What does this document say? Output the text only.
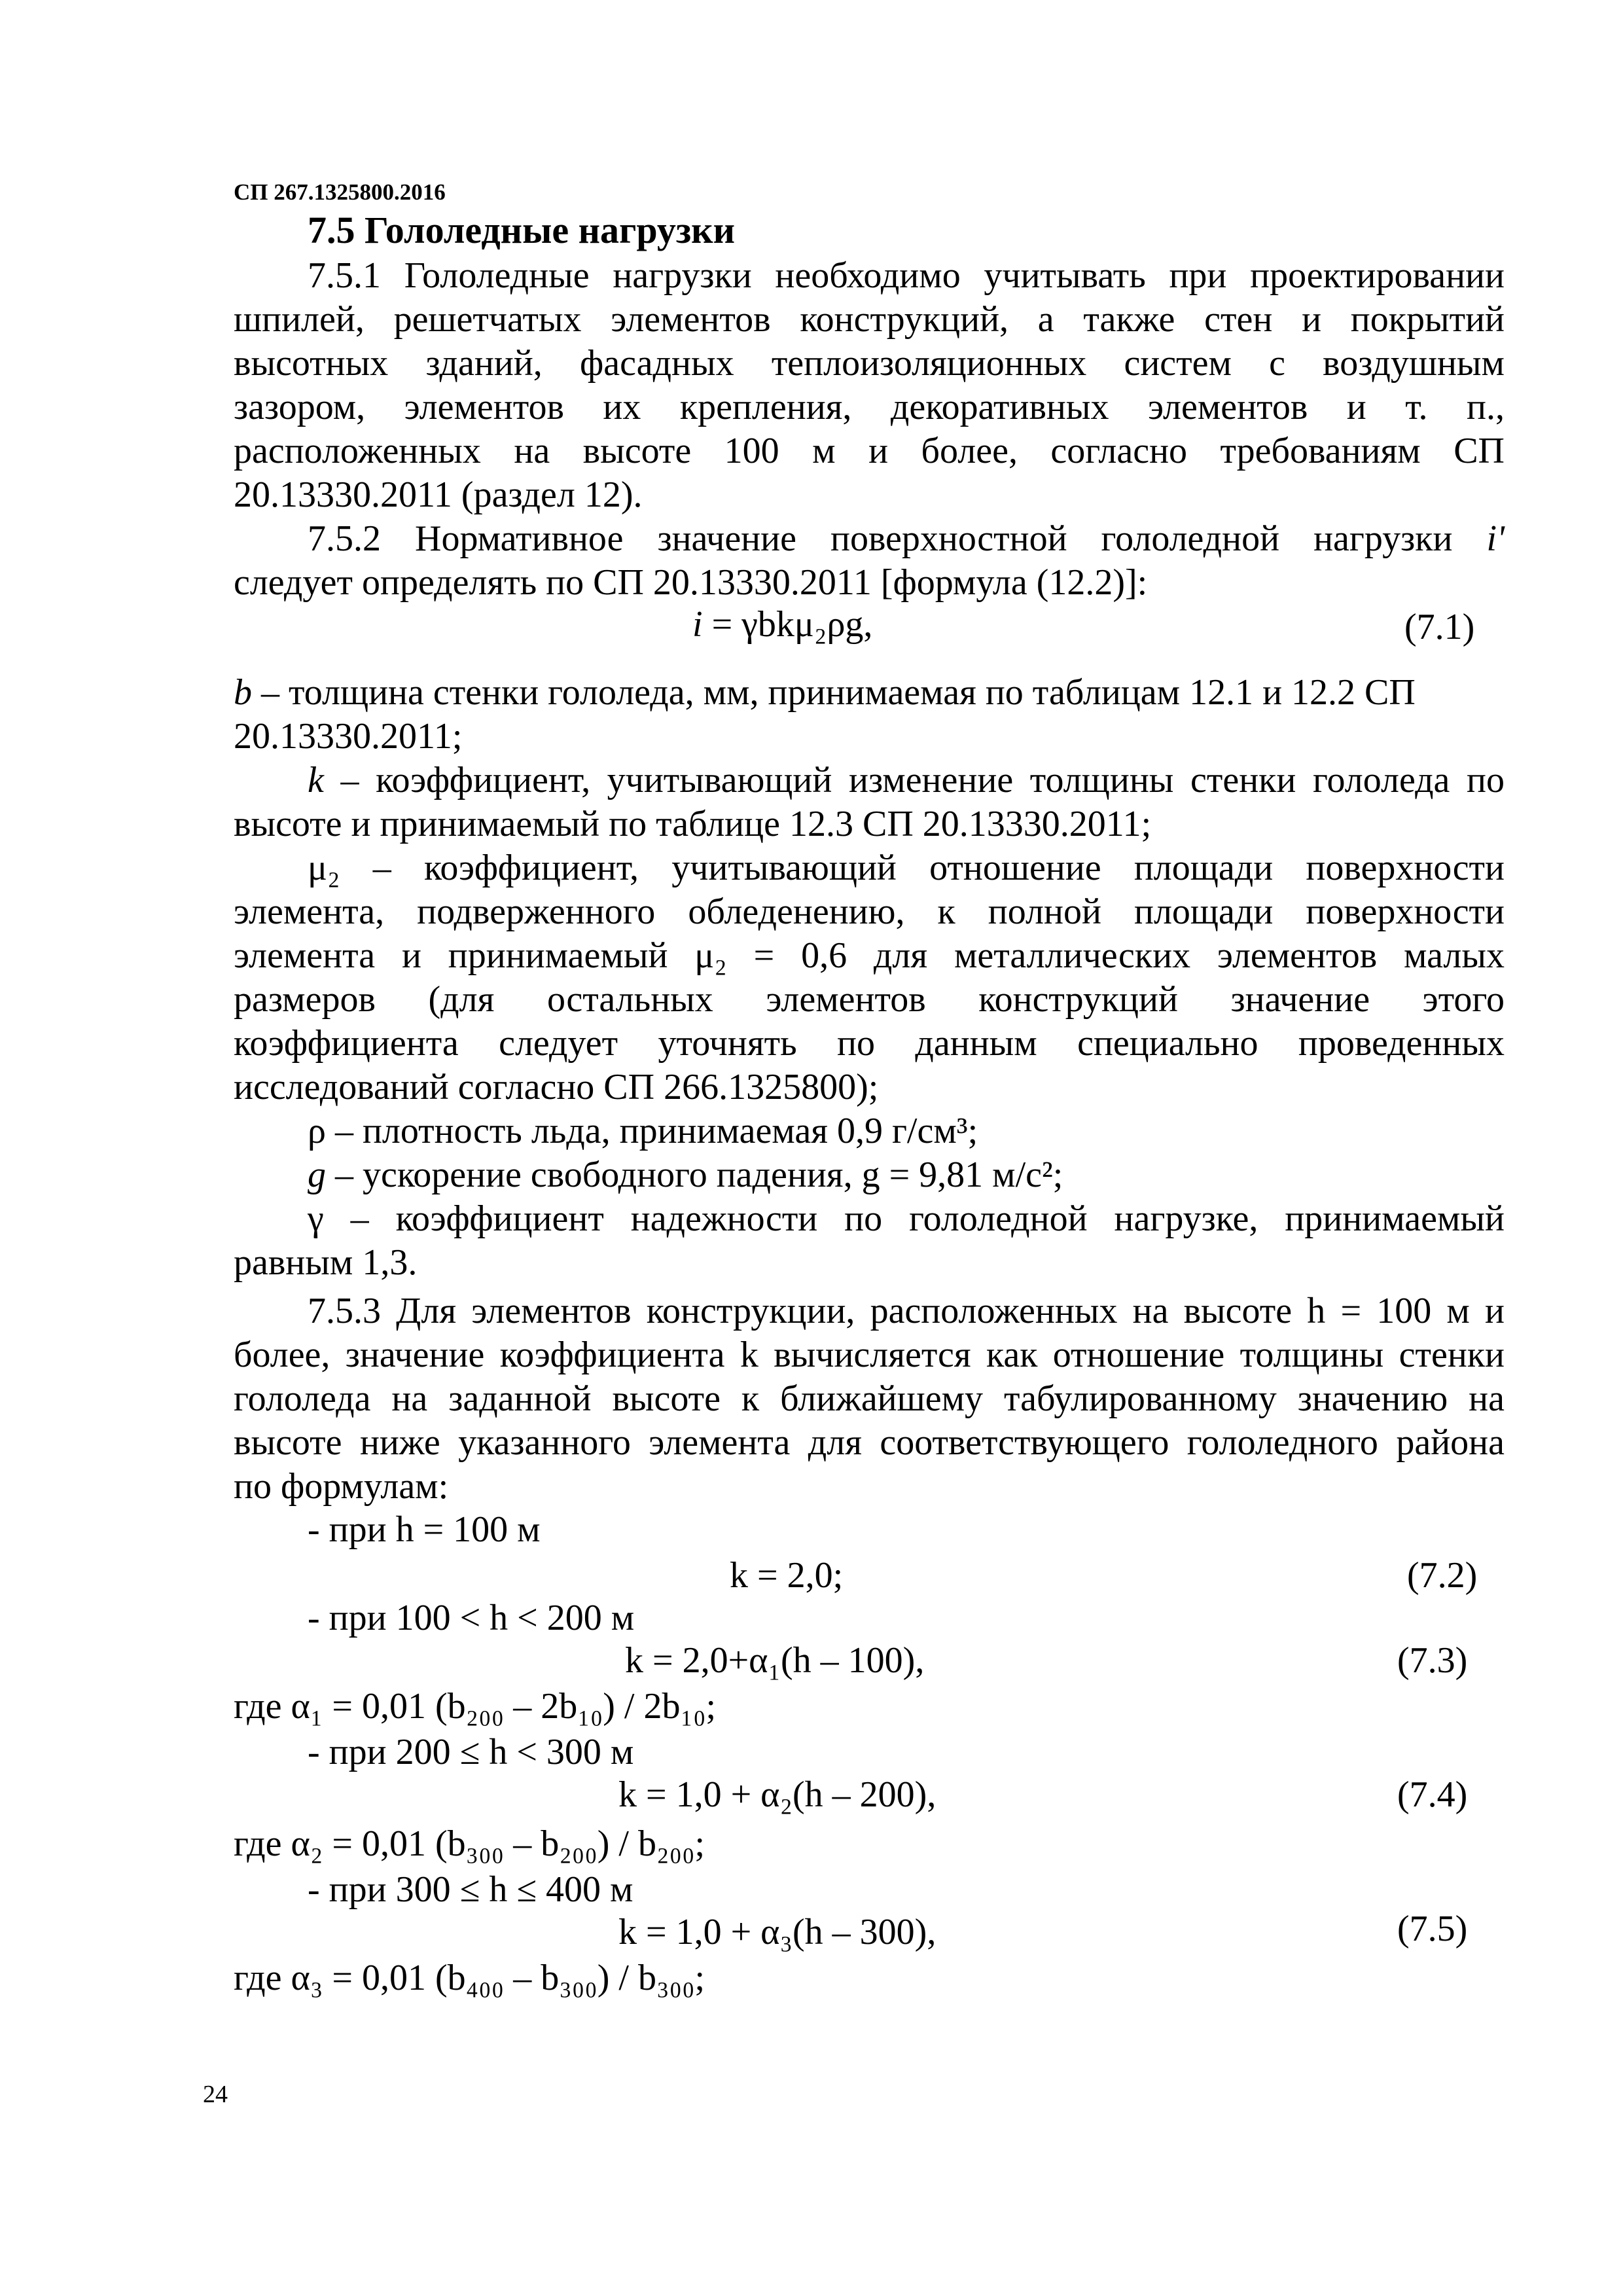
СП 267.1325800.2016
7.5 Гололедные нагрузки
7.5.1 Гололедные нагрузки необходимо учитывать при проектировании
шпилей, решетчатых элементов конструкций, а также стен и покрытий
высотных зданий, фасадных теплоизоляционных систем с воздушным
зазором, элементов их крепления, декоративных элементов и т. п.,
расположенных на высоте 100 м и более, согласно требованиям СП
20.13330.2011 (раздел 12).
7.5.2 Нормативное значение поверхностной гололедной нагрузки i'
следует определять по СП 20.13330.2011 [формула (12.2)]:
i = γbkμ₂ρg,	(7.1)
b – толщина стенки гололеда, мм, принимаемая по таблицам 12.1 и 12.2 СП
20.13330.2011;
k – коэффициент, учитывающий изменение толщины стенки гололеда по
высоте и принимаемый по таблице 12.3 СП 20.13330.2011;
μ₂ – коэффициент, учитывающий отношение площади поверхности
элемента, подверженного обледенению, к полной площади поверхности
элемента и принимаемый μ₂ = 0,6 для металлических элементов малых
размеров (для остальных элементов конструкций значение этого
коэффициента следует уточнять по данным специально проведенных
исследований согласно СП 266.1325800);
ρ – плотность льда, принимаемая 0,9 г/см³;
g – ускорение свободного падения, g = 9,81 м/с²;
γ – коэффициент надежности по гололедной нагрузке, принимаемый
равным 1,3.
7.5.3 Для элементов конструкции, расположенных на высоте h = 100 м и
более, значение коэффициента k вычисляется как отношение толщины стенки
гололеда на заданной высоте к ближайшему табулированному значению на
высоте ниже указанного элемента для соответствующего гололедного района
по формулам:
- при h = 100 м
k = 2,0;	(7.2)
- при 100 < h < 200 м
k = 2,0+α₁(h – 100),	(7.3)
где α₁ = 0,01 (b₂₀₀ – 2b₁₀) / 2b₁₀;
- при 200 ≤ h < 300 м
k = 1,0 + α₂(h – 200),	(7.4)
где α₂ = 0,01 (b₃₀₀ – b₂₀₀) / b₂₀₀;
- при 300 ≤ h ≤ 400 м
k = 1,0 + α₃(h – 300),	(7.5)
где α₃ = 0,01 (b₄₀₀ – b₃₀₀) / b₃₀₀;
24
